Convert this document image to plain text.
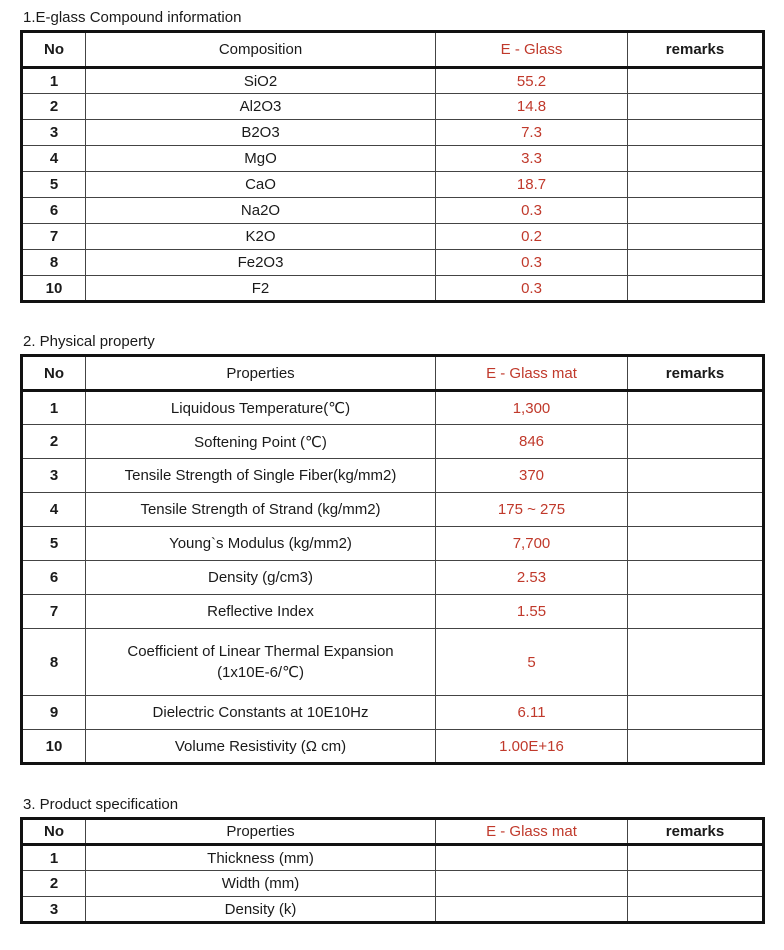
1.E-glass Compound information
No	Composition	E - Glass	remarks
1	SiO2	55.2	
2	Al2O3	14.8	
3	B2O3	7.3	
4	MgO	3.3	
5	CaO	18.7	
6	Na2O	0.3	
7	K2O	0.2	
8	Fe2O3	0.3	
10	F2	0.3	
2. Physical property
No	Properties	E - Glass mat	remarks
1	Liquidous Temperature(℃)	1,300	
2	Softening Point (℃)	846	
3	Tensile Strength of Single Fiber(kg/mm2)	370	
4	Tensile Strength of Strand (kg/mm2)	175 ~ 275	
5	Young`s Modulus (kg/mm2)	7,700	
6	Density (g/cm3)	2.53	
7	Reflective Index	1.55	
8	Coefficient of Linear Thermal Expansion
(1x10E-6/℃)	5	
9	Dielectric Constants at 10E10Hz	6.11	
10	Volume Resistivity (Ω cm)	1.00E+16	
3. Product specification
No	Properties	E - Glass mat	remarks
1	Thickness (mm)		
2	Width (mm)		
3	Density (k)		
